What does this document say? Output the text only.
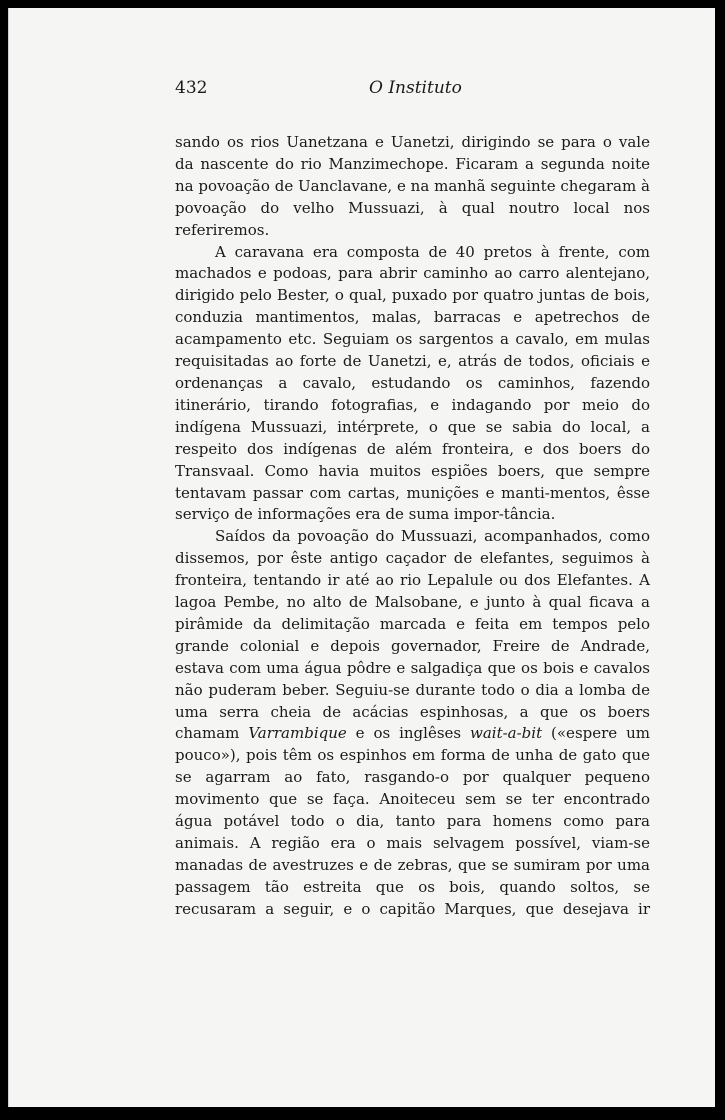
432	O Instituto

sando os rios Uanetzana e Uanetzi, dirigindo se para o vale da nascente do rio Manzimechope. Ficaram a segunda noite na povoação de Uanclavane, e na manhã seguinte chegaram à povoação do velho Mussuazi, à qual noutro local nos referiremos.

A caravana era composta de 40 pretos à frente, com machados e podoas, para abrir caminho ao carro alentejano, dirigido pelo Bester, o qual, puxado por quatro juntas de bois, conduzia mantimentos, malas, barracas e apetrechos de acampamento etc. Seguiam os sargentos a cavalo, em mulas requisitadas ao forte de Uanetzi, e, atrás de todos, oficiais e ordenanças a cavalo, estudando os caminhos, fazendo itinerário, tirando fotografias, e indagando por meio do indígena Mussuazi, intérprete, o que se sabia do local, a respeito dos indígenas de além fronteira, e dos boers do Transvaal. Como havia muitos espiões boers, que sempre tentavam passar com cartas, munições e manti-mentos, êsse serviço de informações era de suma impor-tância.

Saídos da povoação do Mussuazi, acompanhados, como dissemos, por êste antigo caçador de elefantes, seguimos à fronteira, tentando ir até ao rio Lepalule ou dos Elefantes. A lagoa Pembe, no alto de Malsobane, e junto à qual ficava a pirâmide da delimitação marcada e feita em tempos pelo grande colonial e depois governador, Freire de Andrade, estava com uma água pôdre e salgadiça que os bois e cavalos não puderam beber. Seguiu-se durante todo o dia a lomba de uma serra cheia de acácias espinhosas, a que os boers chamam Varrambique e os inglêses wait-a-bit («espere um pouco»), pois têm os espinhos em forma de unha de gato que se agarram ao fato, rasgando-o por qualquer pequeno movimento que se faça. Anoiteceu sem se ter encontrado água potável todo o dia, tanto para homens como para animais. A região era o mais selvagem possível, viam-se manadas de avestruzes e de zebras, que se sumiram por uma passagem tão estreita que os bois, quando soltos, se recusaram a seguir, e o capitão Marques, que desejava ir
